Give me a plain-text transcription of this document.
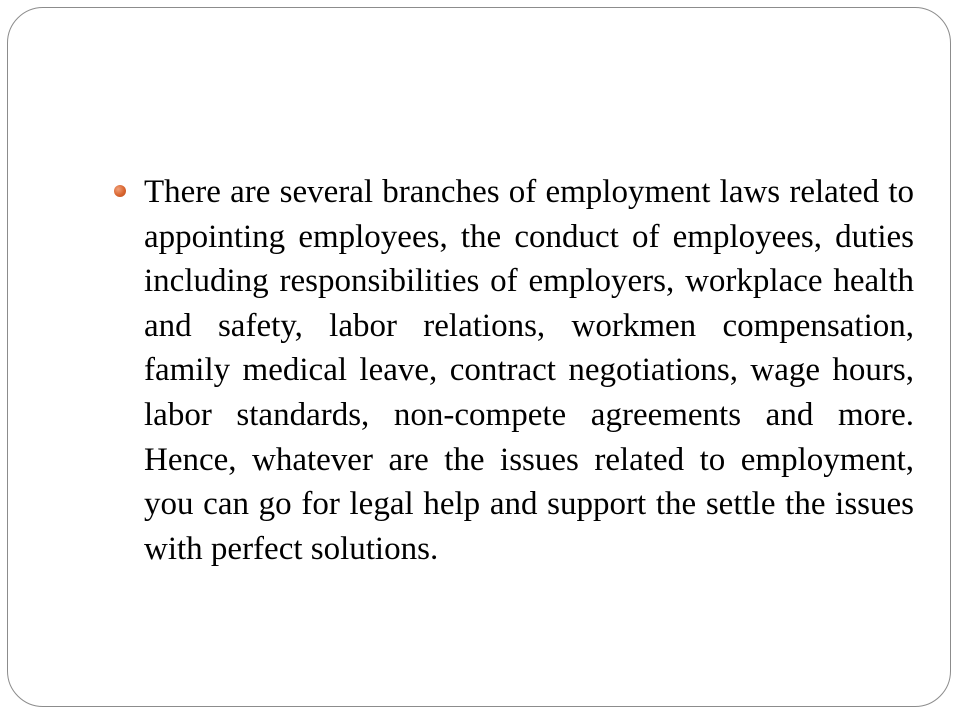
There are several branches of employment laws related to appointing employees, the conduct of employees, duties including responsibilities of employers, workplace health and safety, labor relations, workmen compensation, family medical leave, contract negotiations, wage hours, labor standards, non-compete agreements and more. Hence, whatever are the issues related to employment, you can go for legal help and support the settle the issues with perfect solutions.
